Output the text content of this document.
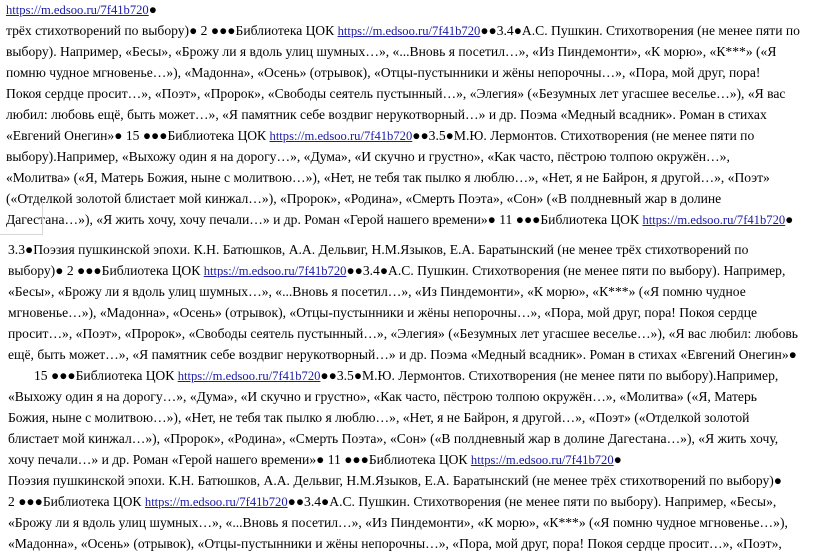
https://m.edsoo.ru/7f41b720●
трёх стихотворений по выбору)● 2 ●●●Библиотека ЦОК https://m.edsoo.ru/7f41b720●●3.4●А.С. Пушкин. Стихотворения (не менее пяти по
выбору). Например, «Бесы», «Брожу ли я вдоль улиц шумных…», «...Вновь я посетил…», «Из Пиндемонти», «К морю», «К***» («Я
помню чудное мгновенье…»), «Мадонна», «Осень» (отрывок), «Отцы-пустынники и жёны непорочны…», «Пора, мой друг, пора!
Покоя сердце просит…», «Поэт», «Пророк», «Свободы сеятель пустынный…», «Элегия» («Безумных лет угасшее веселье…»), «Я вас
любил: любовь ещё, быть может…», «Я памятник себе воздвиг нерукотворный…» и др. Поэма «Медный всадник». Роман в стихах
«Евгений Онегин»● 15 ●●●Библиотека ЦОК https://m.edsoo.ru/7f41b720●●3.5●М.Ю. Лермонтов. Стихотворения (не менее пяти по
выбору).Например, «Выхожу один я на дорогу…», «Дума», «И скучно и грустно», «Как часто, пёстрою толпою окружён…»,
«Молитва» («Я, Матерь Божия, ныне с молитвою…»), «Нет, не тебя так пылко я люблю…», «Нет, я не Байрон, я другой…», «Поэт»
(«Отделкой золотой блистает мой кинжал…»), «Пророк», «Родина», «Смерть Поэта», «Сон» («В полдневный жар в долине
Дагестана…»), «Я жить хочу, хочу печали…» и др. Роман «Герой нашего времени»● 11 ●●●Библиотека ЦОК https://m.edsoo.ru/7f41b720●
3.3●Поэзия пушкинской эпохи. К.Н. Батюшков, А.А. Дельвиг, Н.М.Языков, Е.А. Баратынский (не менее трёх стихотворений по
выбору)● 2 ●●●Библиотека ЦОК https://m.edsoo.ru/7f41b720●●3.4●А.С. Пушкин. Стихотворения (не менее пяти по выбору). Например,
«Бесы», «Брожу ли я вдоль улиц шумных…», «...Вновь я посетил…», «Из Пиндемонти», «К морю», «К***» («Я помню чудное
мгновенье…»), «Мадонна», «Осень» (отрывок), «Отцы-пустынники и жёны непорочны…», «Пора, мой друг, пора! Покоя сердце
просит…», «Поэт», «Пророк», «Свободы сеятель пустынный…», «Элегия» («Безумных лет угасшее веселье…»), «Я вас любил: любовь
ещё, быть может…», «Я памятник себе воздвиг нерукотворный…» и др. Поэма «Медный всадник». Роман в стихах «Евгений Онегин»●
15 ●●●Библиотека ЦОК https://m.edsoo.ru/7f41b720●●3.5●М.Ю. Лермонтов. Стихотворения (не менее пяти по выбору).Например,
«Выхожу один я на дорогу…», «Дума», «И скучно и грустно», «Как часто, пёстрою толпою окружён…», «Молитва» («Я, Матерь
Божия, ныне с молитвою…»), «Нет, не тебя так пылко я люблю…», «Нет, я не Байрон, я другой…», «Поэт» («Отделкой золотой
блистает мой кинжал…»), «Пророк», «Родина», «Смерть Поэта», «Сон» («В полдневный жар в долине Дагестана…»), «Я жить хочу,
хочу печали…» и др. Роман «Герой нашего времени»● 11 ●●●Библиотека ЦОК https://m.edsoo.ru/7f41b720●
Поэзия пушкинской эпохи. К.Н. Батюшков, А.А. Дельвиг, Н.М.Языков, Е.А. Баратынский (не менее трёх стихотворений по выбору)●
2 ●●●Библиотека ЦОК https://m.edsoo.ru/7f41b720●●3.4●А.С. Пушкин. Стихотворения (не менее пяти по выбору). Например, «Бесы»,
«Брожу ли я вдоль улиц шумных…», «...Вновь я посетил…», «Из Пиндемонти», «К морю», «К***» («Я помню чудное мгновенье…»),
«Мадонна», «Осень» (отрывок), «Отцы-пустынники и жёны непорочны…», «Пора, мой друг, пора! Покоя сердце просит…», «Поэт»,
